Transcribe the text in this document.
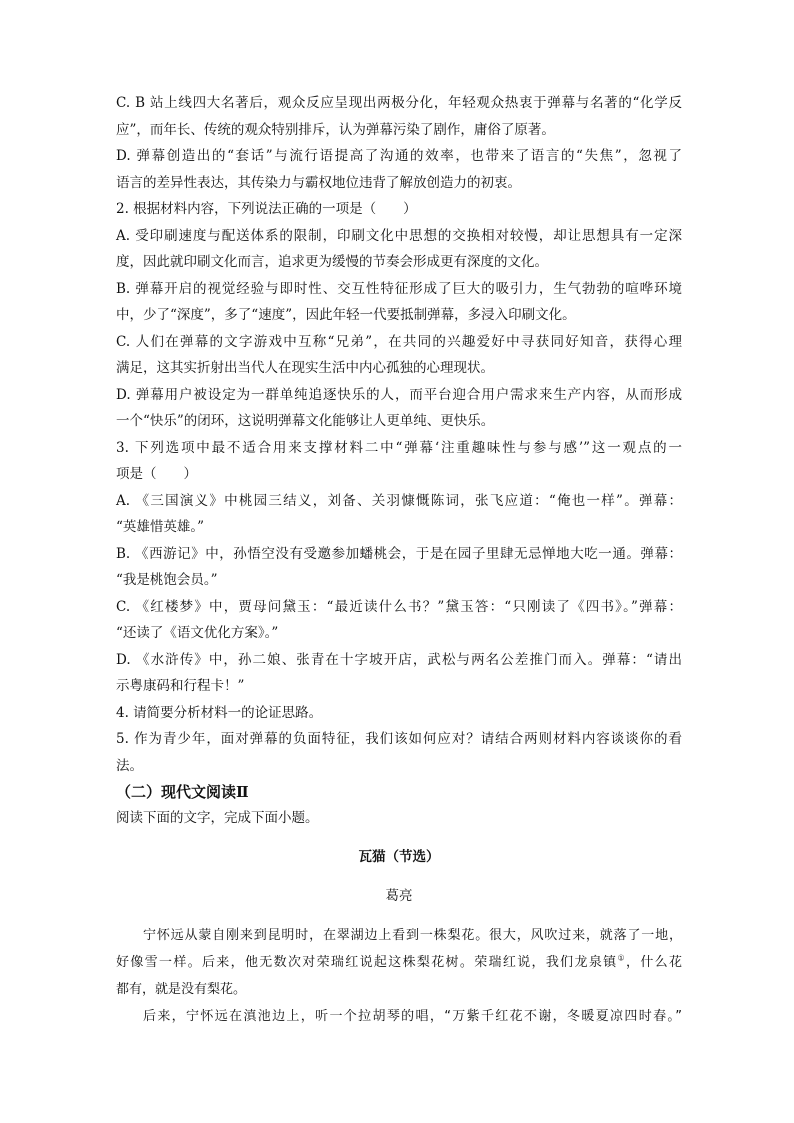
C. B 站上线四大名著后，观众反应呈现出两极分化，年轻观众热衷于弹幕与名著的“化学反

应”，而年长、传统的观众特别排斥，认为弹幕污染了剧作，庸俗了原著。

D. 弹幕创造出的“套话”与流行语提高了沟通的效率，也带来了语言的“失焦”，忽视了

语言的差异性表达，其传染力与霸权地位违背了解放创造力的初衷。

2. 根据材料内容，下列说法正确的一项是（　　）

A. 受印刷速度与配送体系的限制，印刷文化中思想的交换相对较慢，却让思想具有一定深

度，因此就印刷文化而言，追求更为缓慢的节奏会形成更有深度的文化。

B. 弹幕开启的视觉经验与即时性、交互性特征形成了巨大的吸引力，生气勃勃的喧哗环境

中，少了“深度”，多了“速度”，因此年轻一代要抵制弹幕，多浸入印刷文化。

C. 人们在弹幕的文字游戏中互称“兄弟”，在共同的兴趣爱好中寻获同好知音，获得心理

满足，这其实折射出当代人在现实生活中内心孤独的心理现状。

D. 弹幕用户被设定为一群单纯追逐快乐的人，而平台迎合用户需求来生产内容，从而形成

一个“快乐”的闭环，这说明弹幕文化能够让人更单纯、更快乐。

3. 下列选项中最不适合用来支撑材料二中“弹幕‘注重趣味性与参与感’”这一观点的一

项是（　　）

A. 《三国演义》中桃园三结义，刘备、关羽慷慨陈词，张飞应道：“俺也一样”。弹幕：

“英雄惜英雄。”

B. 《西游记》中，孙悟空没有受邀参加蟠桃会，于是在园子里肆无忌惮地大吃一通。弹幕：

“我是桃饱会员。”

C. 《红楼梦》中，贾母问黛玉：“最近读什么书？”黛玉答：“只刚读了《四书》。”弹幕：

“还读了《语文优化方案》。”

D. 《水浒传》中，孙二娘、张青在十字坡开店，武松与两名公差推门而入。弹幕：“请出

示粤康码和行程卡！”

4. 请简要分析材料一的论证思路。

5. 作为青少年，面对弹幕的负面特征，我们该如何应对？请结合两则材料内容谈谈你的看

法。

（二）现代文阅读Ⅱ

阅读下面的文字，完成下面小题。

瓦猫（节选）

葛亮

宁怀远从蒙自刚来到昆明时，在翠湖边上看到一株梨花。很大，风吹过来，就落了一地，

好像雪一样。后来，他无数次对荣瑞红说起这株梨花树。荣瑞红说，我们龙泉镇①，什么花

都有，就是没有梨花。

后来，宁怀远在滇池边上，听一个拉胡琴的唱，“万紫千红花不谢，冬暖夏凉四时春。”
